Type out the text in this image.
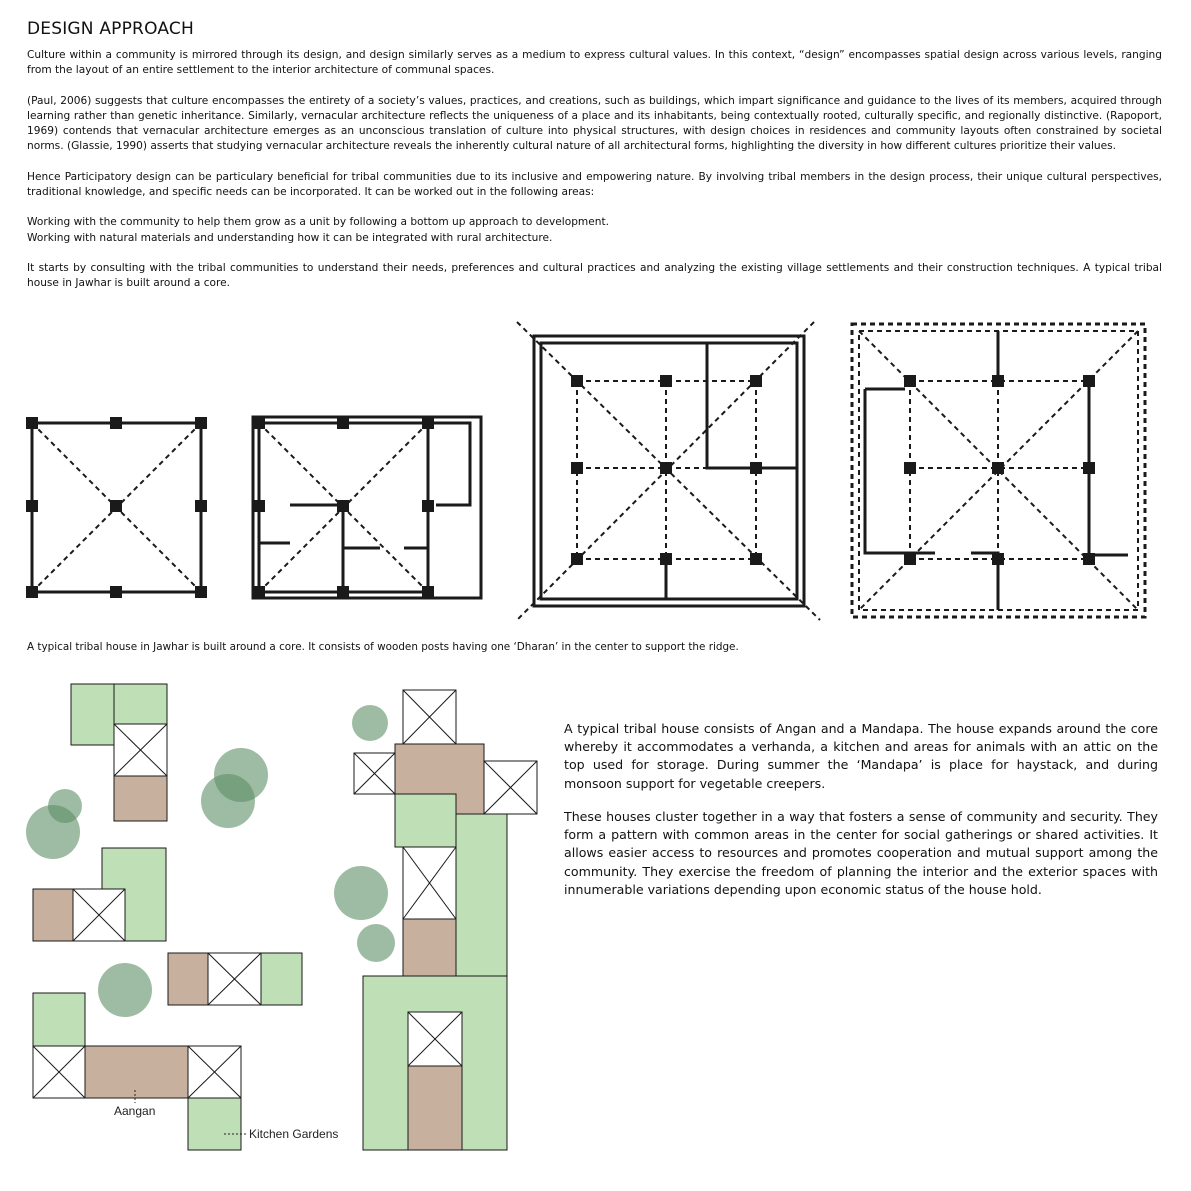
DESIGN APPROACH

Culture within a community is mirrored through its design, and design similarly serves as a medium to express cultural values. In this context, “design” encompasses spatial design across various levels, ranging from the layout of an entire settlement to the interior architecture of communal spaces.

(Paul, 2006) suggests that culture encompasses the entirety of a society’s values, practices, and creations, such as buildings, which impart significance and guidance to the lives of its members, acquired through learning rather than genetic inheritance. Similarly, vernacular architecture reflects the uniqueness of a place and its inhabitants, being contextually rooted, culturally specific, and regionally distinctive. (Rapoport, 1969) contends that vernacular architecture emerges as an unconscious translation of culture into physical structures, with design choices in residences and community layouts often constrained by societal norms. (Glassie, 1990) asserts that studying vernacular architecture reveals the inherently cultural nature of all architectural forms, highlighting the diversity in how different cultures prioritize their values.

Hence Participatory design can be particulary beneficial for tribal communities due to its inclusive and empowering nature. By involving tribal members in the design process, their unique cultural perspectives, traditional knowledge, and specific needs can be incorporated. It can be worked out in the following areas:

Working with the community to help them grow as a unit by following a bottom up approach to development.

Working with natural materials and understanding how it can be integrated with rural architecture.

It starts by consulting with the tribal communities to understand their needs, preferences and cultural practices and analyzing the existing village settlements and their construction techniques. A typical tribal house in Jawhar is built around a core.

A typical tribal house in Jawhar is built around a core. It consists of wooden posts having one ‘Dharan’ in the center to support the ridge.

Aangan
Kitchen Gardens

A typical tribal house consists of Angan and a Mandapa. The house expands around the core whereby it accommodates a verhanda, a kitchen and areas for animals with an attic on the top used for storage. During summer the ‘Mandapa’ is place for haystack, and during monsoon support for vegetable creepers.

These houses cluster together in a way that fosters a sense of community and security. They form a pattern with common areas in the center for social gatherings or shared activities. It allows easier access to resources and promotes cooperation and mutual support among the community. They exercise the freedom of planning the interior and the exterior spaces with innumerable variations depending upon economic status of the house hold.
